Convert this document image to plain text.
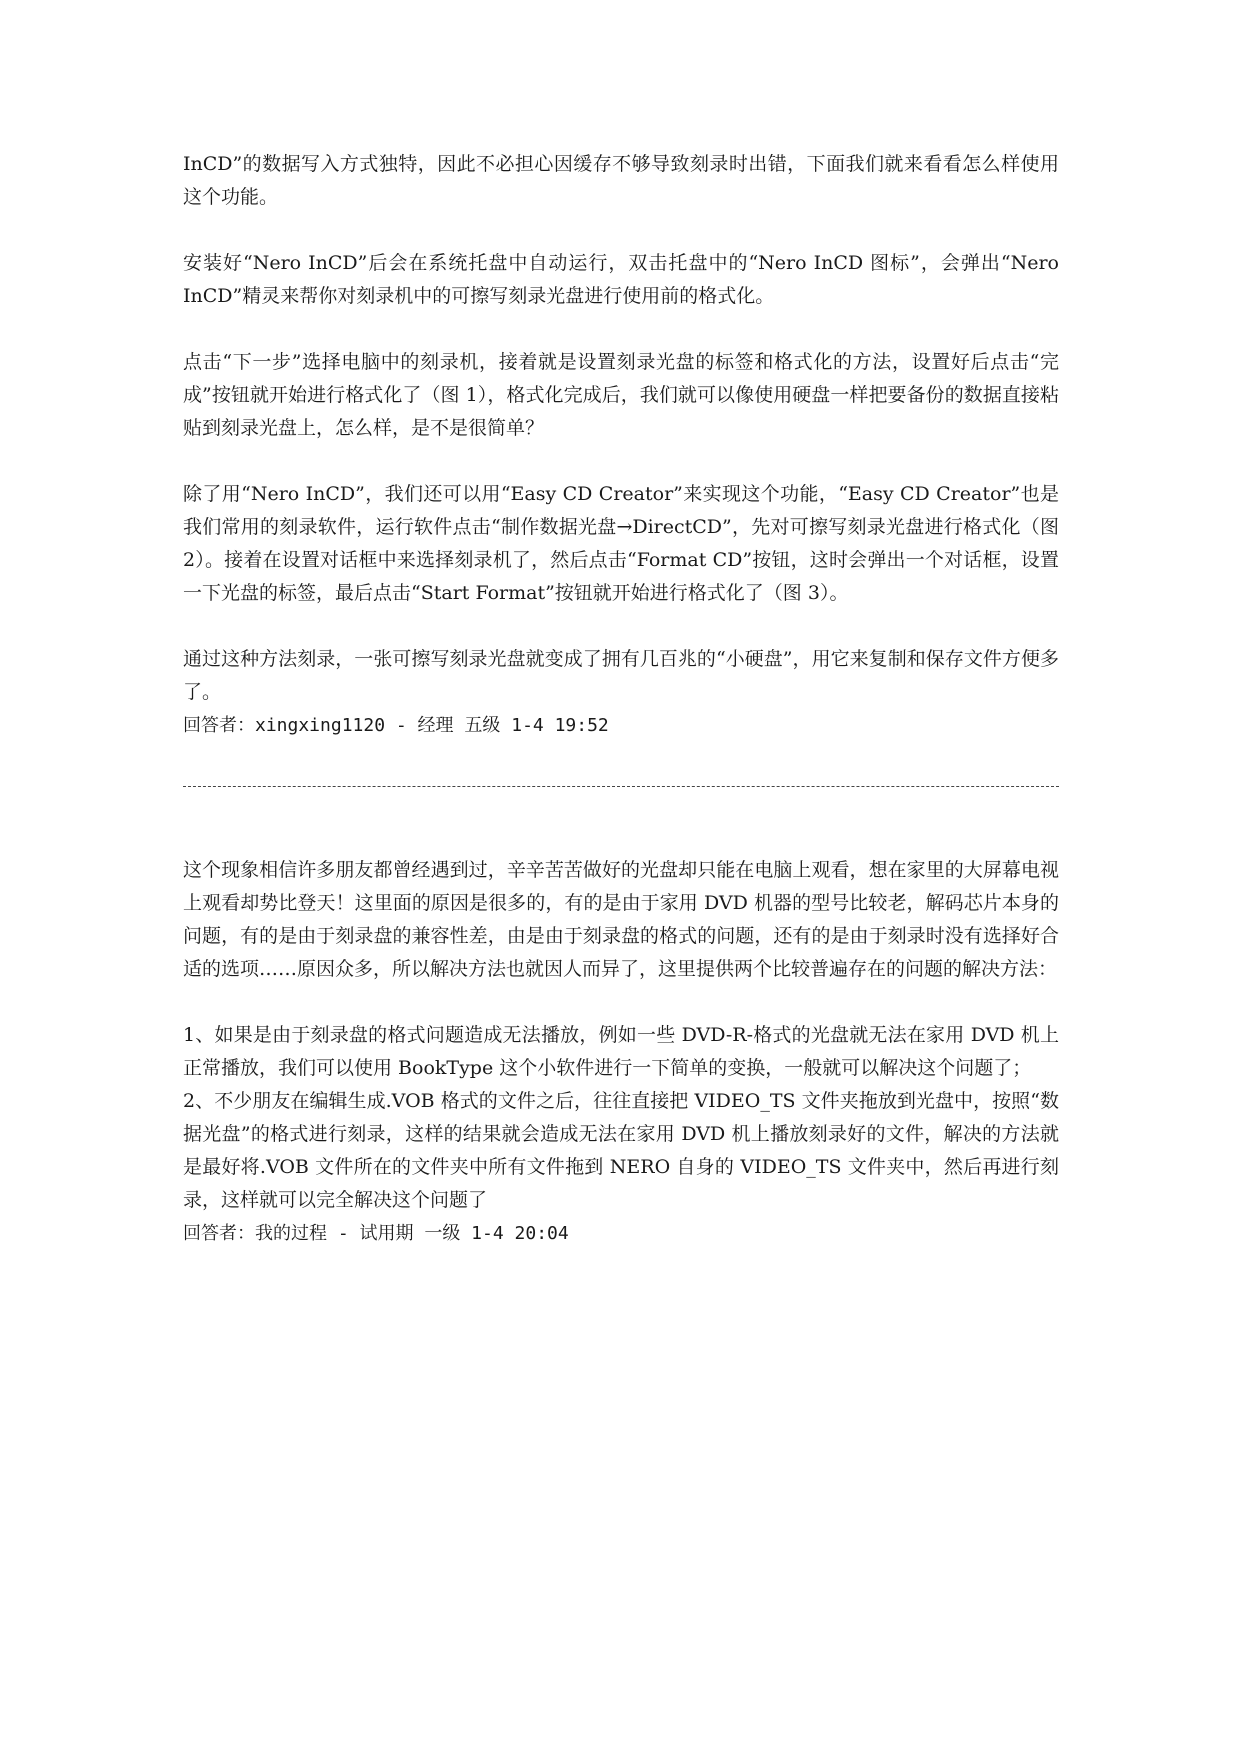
InCD”的数据写入方式独特，因此不必担心因缓存不够导致刻录时出错，下面我们就来看看怎么样使用这个功能。

安装好“Nero InCD”后会在系统托盘中自动运行，双击托盘中的“Nero InCD 图标”，会弹出“Nero InCD”精灵来帮你对刻录机中的可擦写刻录光盘进行使用前的格式化。

点击“下一步”选择电脑中的刻录机，接着就是设置刻录光盘的标签和格式化的方法，设置好后点击“完成”按钮就开始进行格式化了（图 1），格式化完成后，我们就可以像使用硬盘一样把要备份的数据直接粘贴到刻录光盘上，怎么样，是不是很简单？

除了用“Nero InCD”，我们还可以用“Easy CD Creator”来实现这个功能，“Easy CD Creator”也是我们常用的刻录软件，运行软件点击“制作数据光盘→DirectCD”，先对可擦写刻录光盘进行格式化（图 2）。接着在设置对话框中来选择刻录机了，然后点击“Format CD”按钮，这时会弹出一个对话框，设置一下光盘的标签，最后点击“Start Format”按钮就开始进行格式化了（图 3）。

通过这种方法刻录，一张可擦写刻录光盘就变成了拥有几百兆的“小硬盘”，用它来复制和保存文件方便多了。

回答者：xingxing1120 - 经理 五级 1-4 19:52

这个现象相信许多朋友都曾经遇到过，辛辛苦苦做好的光盘却只能在电脑上观看，想在家里的大屏幕电视上观看却势比登天！这里面的原因是很多的，有的是由于家用 DVD 机器的型号比较老，解码芯片本身的问题，有的是由于刻录盘的兼容性差，由是由于刻录盘的格式的问题，还有的是由于刻录时没有选择好合适的选项……原因众多，所以解决方法也就因人而异了，这里提供两个比较普遍存在的问题的解决方法：

1、如果是由于刻录盘的格式问题造成无法播放，例如一些 DVD-R-格式的光盘就无法在家用 DVD 机上正常播放，我们可以使用 BookType 这个小软件进行一下简单的变换，一般就可以解决这个问题了；

2、不少朋友在编辑生成.VOB 格式的文件之后，往往直接把 VIDEO_TS 文件夹拖放到光盘中，按照“数据光盘”的格式进行刻录，这样的结果就会造成无法在家用 DVD 机上播放刻录好的文件，解决的方法就是最好将.VOB 文件所在的文件夹中所有文件拖到 NERO 自身的 VIDEO_TS 文件夹中，然后再进行刻录，这样就可以完全解决这个问题了

回答者：我的过程 - 试用期 一级 1-4 20:04
